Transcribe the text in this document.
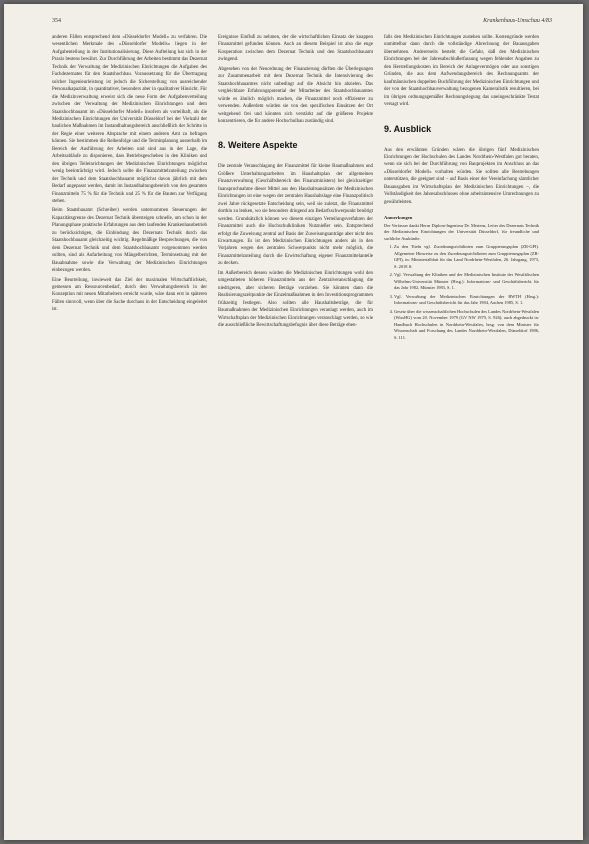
354	Krankenhaus-Umschau 4/83

anderen Fällen entsprechend dem »Düsseldorfer Modell« zu verfahren. Die wesentlichen Merkmale des »Düsseldorfer Modells« liegen in der Aufgabenteilung in der Institutionalisierung. Diese Aufteilung hat sich in der Praxis bestens bewährt. Zur Durchführung der Arbeiten bestimmt das Dezernat Technik der Verwaltung der Medizinischen Einrichtungen die Aufgaben des Fachdezernates für den Staatshochbau. Voraussetzung für die Übertragung solcher Ingenieurleistung ist jedoch die Sicherstellung von ausreichender Personalkapazität, in quantitativer, besonders aber in qualitativer Hinsicht. Für die Medizinverwaltung erweist sich die neue Form der Aufgabenverteilung zwischen der Verwaltung der Medizinischen Einrichtungen und dem Staatshochbauamt im »Düsseldorfer Modell« insofern als vorteilhaft, als die Medizinischen Einrichtungen der Universität Düsseldorf bei der Vielzahl der baulichen Maßnahmen im Instandhaltungsbereich anschließlich der Schritte in der Regie einer weiteren Absprache mit einem anderen Amt zu befragen können. Sie bestimmen die Reihenfolge und die Terminplanung ausserhalb im Bereich der Ausführung der Arbeiten und sind aus in der Lage, die Arbeitsabläufe zu disponieren, dass Betriebsgeschehen in den Kliniken und den übrigen Teileinrichtungen der Medizinischen Einrichtungen möglichst wenig beeinträchtigt wird. Jedoch sollte die Finanzmittelzuteilung zwischen der Technik und dem Staatshochbauamt möglichst davon jährlich mit dem Bedarf angepasst werden, damit im Instandhaltungsbereich von den gesamten Finanzmitteln 75 % für die Technik und 25 % für die Bauten zur Verfügung stehen.

Beim Staatsbauamt (Schreiber) werden unternommen Steuerungen der Kapazitätsgrenze des Dezernat Technik übersteigen schnelle, um schon in der Planungsphase praktische Erfahrungen aus dem laufenden Krankenhausbetrieb zu berücksichtigen, die Einbindung des Dezernats Technik durch das Staatshochbauamt gleichzeitig wichtig. Regelmäßige Besprechungen, die von dem Dezernat Technik und dem Staatshochbauamt vorgenommen werden sollten, sind als Aufarbeitung von Mängelberichten, Terminsetzung mit der Bauabnahme sowie die Verwaltung der Medizinischen Einrichtungen einbezogen werden.

Eine Beurteilung, inwieweit das Ziel der maximalen Wirtschaftlichkeit, gemessen am Ressourcenbedarf, durch den Verwaltungsbereich in der Konzeption mit neuen Mitarbeitern erreicht wurde, wäre dann erst in späteren Fällen sinnvoll, wenn über die Sache durchaus in der Entscheidung eingeleitet ist.

Ereignisse Einfluß zu nehmen, der die wirtschaftlichen Einsatz der knappen Finanzmittel gefunden können. Auch an diesem Beispiel ist also die enge Kooperation zwischen dem Dezernat Technik und den Staatshochbauamt zwingend.

Abgesehen von der Neuordnung der Finanzierung dürften die Überlegungen zur Zusammenarbeit mit dem Dezernat Technik die Intensivierung des Staatshochbauamtes nicht unbedingt auf die Absicht hin abzielen. Das vergleichbare Erfahrungspotential der Mitarbeiter des Staatshochbauamtes würde es ähnlich möglich machen, die Finanzmittel noch effizienter zu verwenden. Außerdem würden sie von den spezifischen Einsätzen der Ort weitgehend frei und könnten sich verstärkt auf die größeren Projekte konzentrieren, die für andere Hochschulbau zuständig sind.

8. Weitere Aspekte

Die zentrale Veranschlagung der Finanzmittel für kleine Baumaßnahmen und Größere Unterhaltungsarbeiten im Haushaltsplan der allgemeinen Finanzverwaltung (Geschäftsbereich des Finanzministers) bei gleichzeitiger Inanspruchnahme dieser Mittel aus den Haushaltsansätzen der Medizinischen Einrichtungen ist eine wegen der zentralen Haushaltslage eine Finanzpolitisch zwei Jahre rückgesetzte Entscheidung sein, weil sie zuletzt, die Finanzmittel dorthin zu lenken, wo sie besonders dringend am Bedarfsschwerpunkt benötigt werden. Grundsätzlich können wo diesem einzigen Verteilungsverfahren der Finanzmittel auch die Hochschulkliniken Nutznießer sein. Entsprechend erfolgt die Zuweisung zentral auf Basis der Zuweisungsanträge aber nicht den Erwartungen. Es ist den Medizinischen Einrichtungen anders als in den Vorjahren wegen des zentralen Schwerpunkts nicht mehr möglich, die Finanzmittelzuteilung durch die Erwirtschaftung eigener Finanzmittelanteile zu decken.

Im Außerbereich dessen würden die Medizinischen Einrichtungen wohl den umgestalteten höheren Finanzmitteln aus der Zentralveranschlagung die niedrigeren, aber sicheren Beträge vorziehen. Sie könnten dann die Realisierungszeitpunkte der Einzelmaßnahmen in den Investitionsprogrammen frühzeitig festlegen. Also sollten alle Haushaltsbeträge, die für Baumaßnahmen der Medizinischen Einrichtungen veranlagt werden, auch im Wirtschaftsplan der Medizinischen Einrichtungen veranschlagt werden, so wie die ausschließliche Bewirtschaftungsbefugnis über diese Beträge eben-

falls den Medizinischen Einrichtungen zustehen sollte. Kostengründe werden unmittelbar dann durch die vollständige Abrechnung der Bauausgaben übernehmen. Andererseits besteht die Gefahr, daß den Medizinischen Einrichtungen bei der Jahresabschlußerfassung wegen fehlender Angaben zu den Herstellungskosten im Bereich der Anlagevermögen oder aus sonstigen Gründen, die aus dem Aufwendungsbereich des Rechnungsamts der kaufmännischen doppelten Buchführung der Medizinischen Einrichtungen und der von der Staatshochbauverwaltung bezogenen Kameralistik resultieren, bei im übrigen ordnungsgemäßer Rechnungslegung das uneingeschränkte Testat versagt wird.

9. Ausblick

Aus den erwähnten Gründen wären die übrigen fünf Medizinischen Einrichtungen der Hochschulen des Landes Nordrhein-Westfalen gut beraten, wenn sie sich bei der Durchführung von Bauprojekten im Anschluss an das »Düsseldorfer Modell« vorhalten würden. Sie sollten alle Bestrebungen unterstützen, die geeignet sind – auf Basis einer der Vereinfachung sämtlicher Bauausgaben im Wirtschaftsplan der Medizinischen Einrichtungen –, die Vollständigkeit des Jahresabschlusses ohne arbeitsintensive Umrechnungen zu gewährleisten.

Anmerkungen

Der Verfasser dankt Herrn Diplom-Ingenieur Dr. Mertens, Leiter des Dezernats Technik der Medizinischen Einrichtungen der Universität Düsseldorf, für freundliche und sachliche Auskünfte.

1. Zu den Titeln vgl. Zuordnungsrichtlinien zum Gruppierungsplan (ZR-GPI). Allgemeine Hinweise zu den Zuordnungsrichtlinien zum Gruppierungsplan (ZR-GPI), in: Ministerialblatt für das Land Nordrhein-Westfalen, 26. Jahrgang, 1973, S. 2018 ff.
2. Vgl. Verwaltung der Kliniken und der Medizinischen Institute der Westfälischen Wilhelms-Universität Münster (Hrsg.): Informations- und Geschäftsbericht für das Jahr 1982, Münster 1983, S. 1.
3. Vgl. Verwaltung der Medizinischen Einrichtungen der RWTH (Hrsg.): Informations- und Geschäftsbericht für das Jahr 1984, Aachen 1985, S. 1.
4. Gesetz über die wissenschaftlichen Hochschulen des Landes Nordrhein-Westfalen (WissHG) vom 20. November 1979 (GV NW 1979, S. 926); auch abgedruckt in: Handbuch Hochschulen in Nordrhein-Westfalen, hrsg. von dem Minister für Wissenschaft und Forschung des Landes Nordrhein-Westfalen, Düsseldorf 1986, S. 111.
